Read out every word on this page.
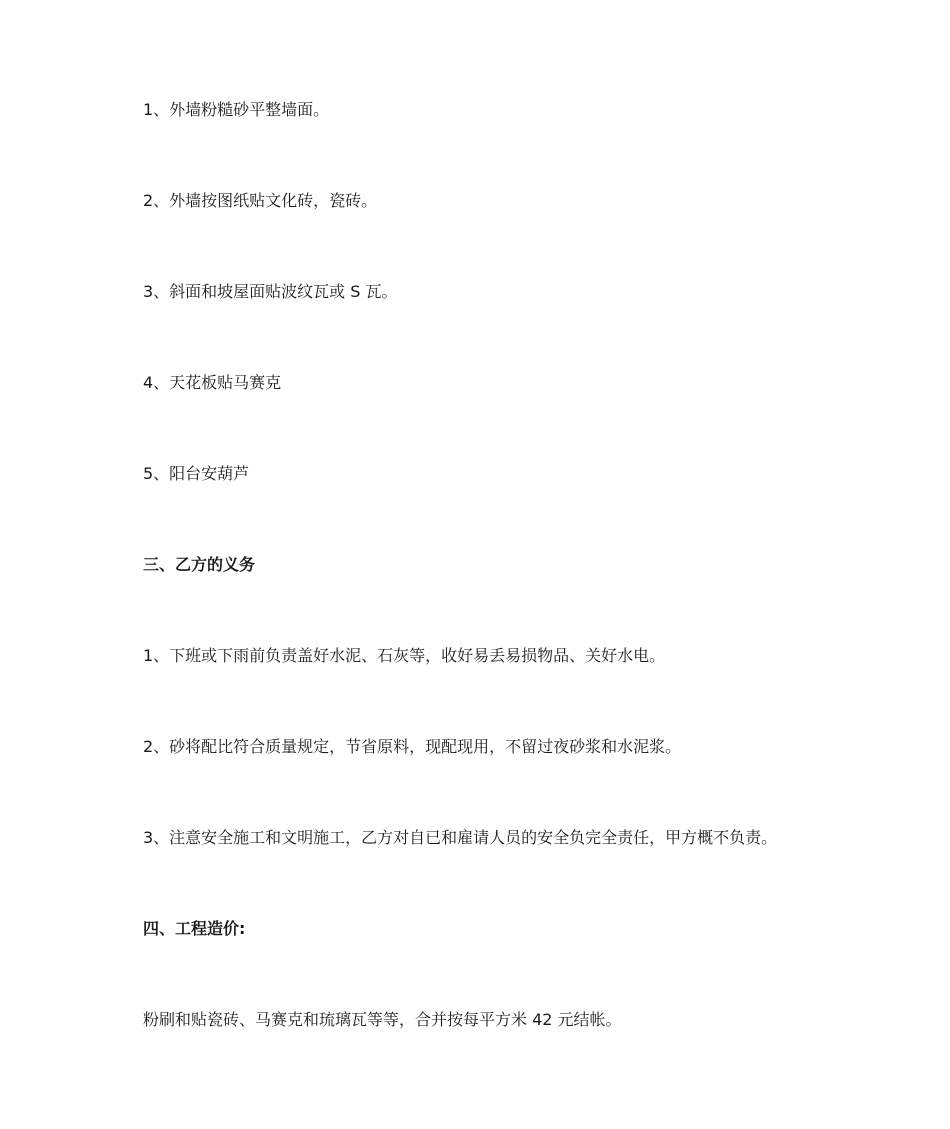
1、外墙粉糙砂平整墙面。
2、外墙按图纸贴文化砖，瓷砖。
3、斜面和坡屋面贴波纹瓦或 S 瓦。
4、天花板贴马赛克
5、阳台安葫芦
三、乙方的义务
1、下班或下雨前负责盖好水泥、石灰等，收好易丢易损物品、关好水电。
2、砂将配比符合质量规定，节省原料，现配现用，不留过夜砂浆和水泥浆。
3、注意安全施工和文明施工，乙方对自已和雇请人员的安全负完全责任，甲方概不负责。
四、工程造价:
粉刷和贴瓷砖、马赛克和琉璃瓦等等，合并按每平方米 42 元结帐。
